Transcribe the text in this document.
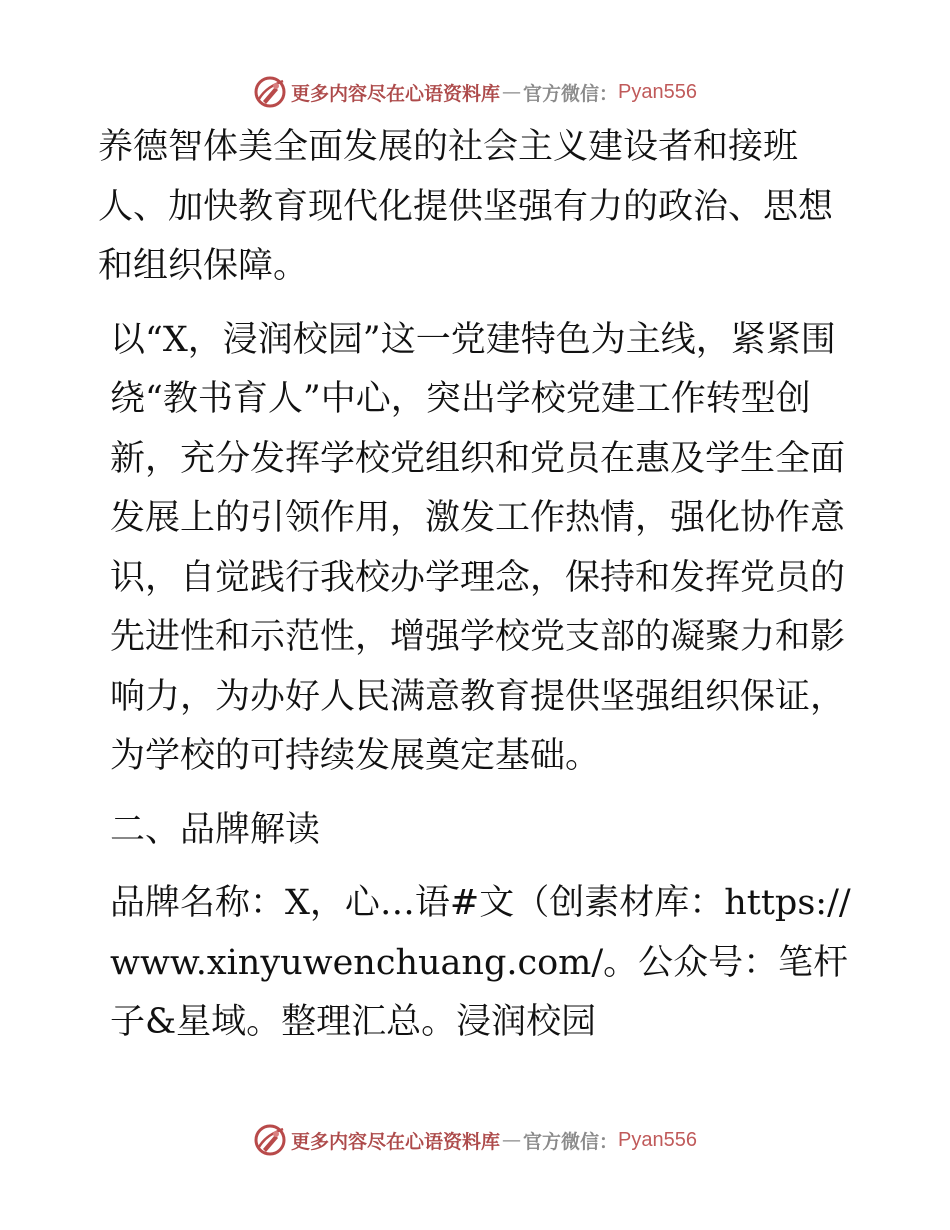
更多内容尽在心语资料库 — 官方微信： Pyan556

养德智体美全面发展的社会主义建设者和接班人、加快教育现代化提供坚强有力的政治、思想和组织保障。

以“X，浸润校园”这一党建特色为主线，紧紧围绕“教书育人”中心，突出学校党建工作转型创新，充分发挥学校党组织和党员在惠及学生全面发展上的引领作用，激发工作热情，强化协作意识，自觉践行我校办学理念，保持和发挥党员的先进性和示范性，增强学校党支部的凝聚力和影响力，为办好人民满意教育提供坚强组织保证，为学校的可持续发展奠定基础。

二、品牌解读

品牌名称：X，心…语#文（创素材库：https://www.xinyuwenchuang.com/。公众号：笔杆子&星域。整理汇总。浸润校园

更多内容尽在心语资料库 — 官方微信： Pyan556
